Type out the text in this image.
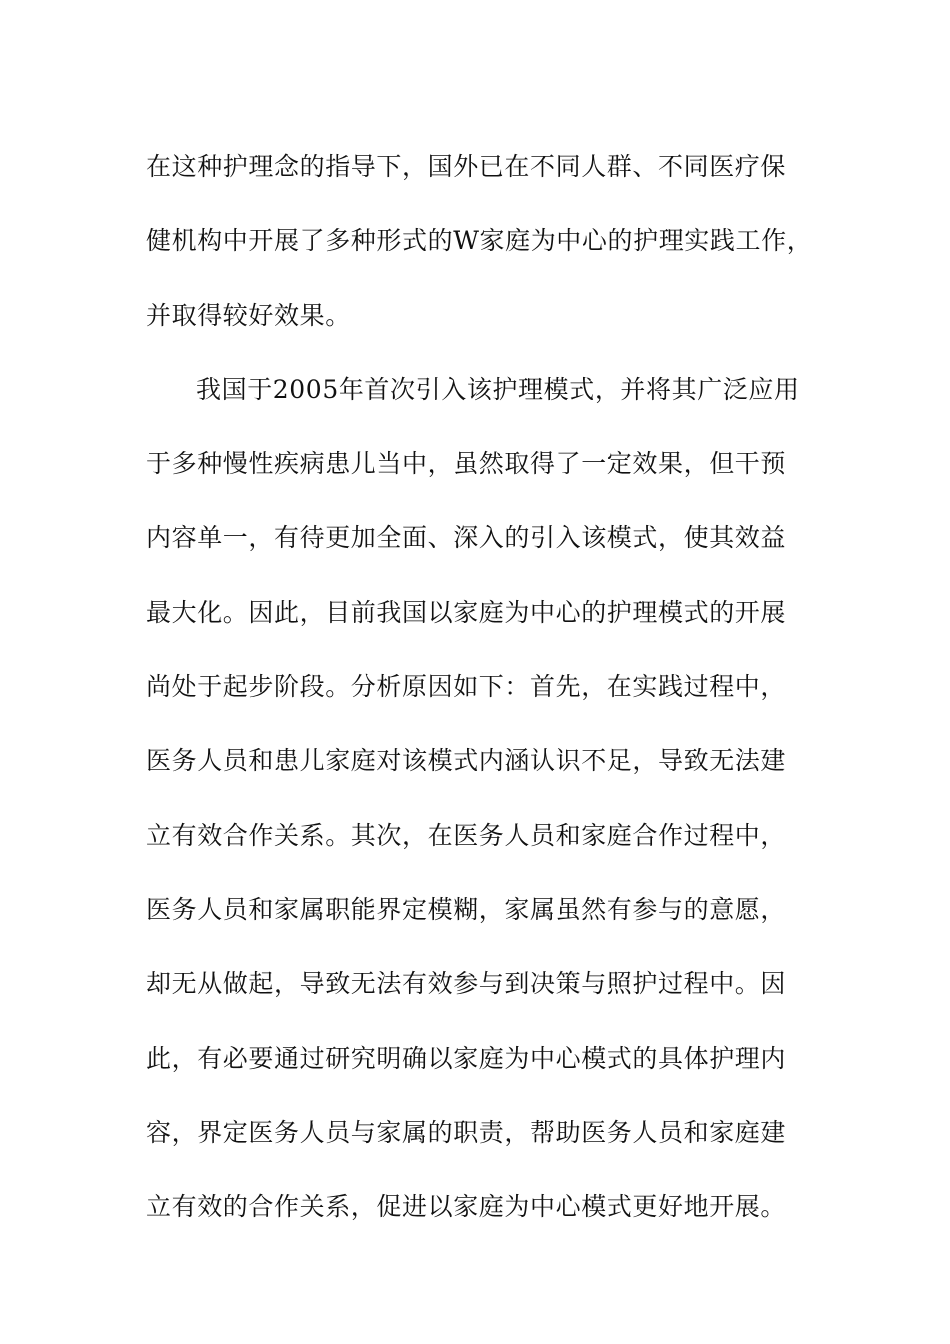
在这种护理念的指导下，国外已在不同人群、不同医疗保
健机构中开展了多种形式的W家庭为中心的护理实践工作，
并取得较好效果。
我国于2005年首次引入该护理模式，并将其广泛应用
于多种慢性疾病患儿当中，虽然取得了一定效果，但干预
内容单一，有待更加全面、深入的引入该模式，使其效益
最大化。因此，目前我国以家庭为中心的护理模式的开展
尚处于起步阶段。分析原因如下：首先，在实践过程中，
医务人员和患儿家庭对该模式内涵认识不足，导致无法建
立有效合作关系。其次，在医务人员和家庭合作过程中，
医务人员和家属职能界定模糊，家属虽然有参与的意愿，
却无从做起，导致无法有效参与到决策与照护过程中。因
此，有必要通过研究明确以家庭为中心模式的具体护理内
容，界定医务人员与家属的职责，帮助医务人员和家庭建
立有效的合作关系，促进以家庭为中心模式更好地开展。
